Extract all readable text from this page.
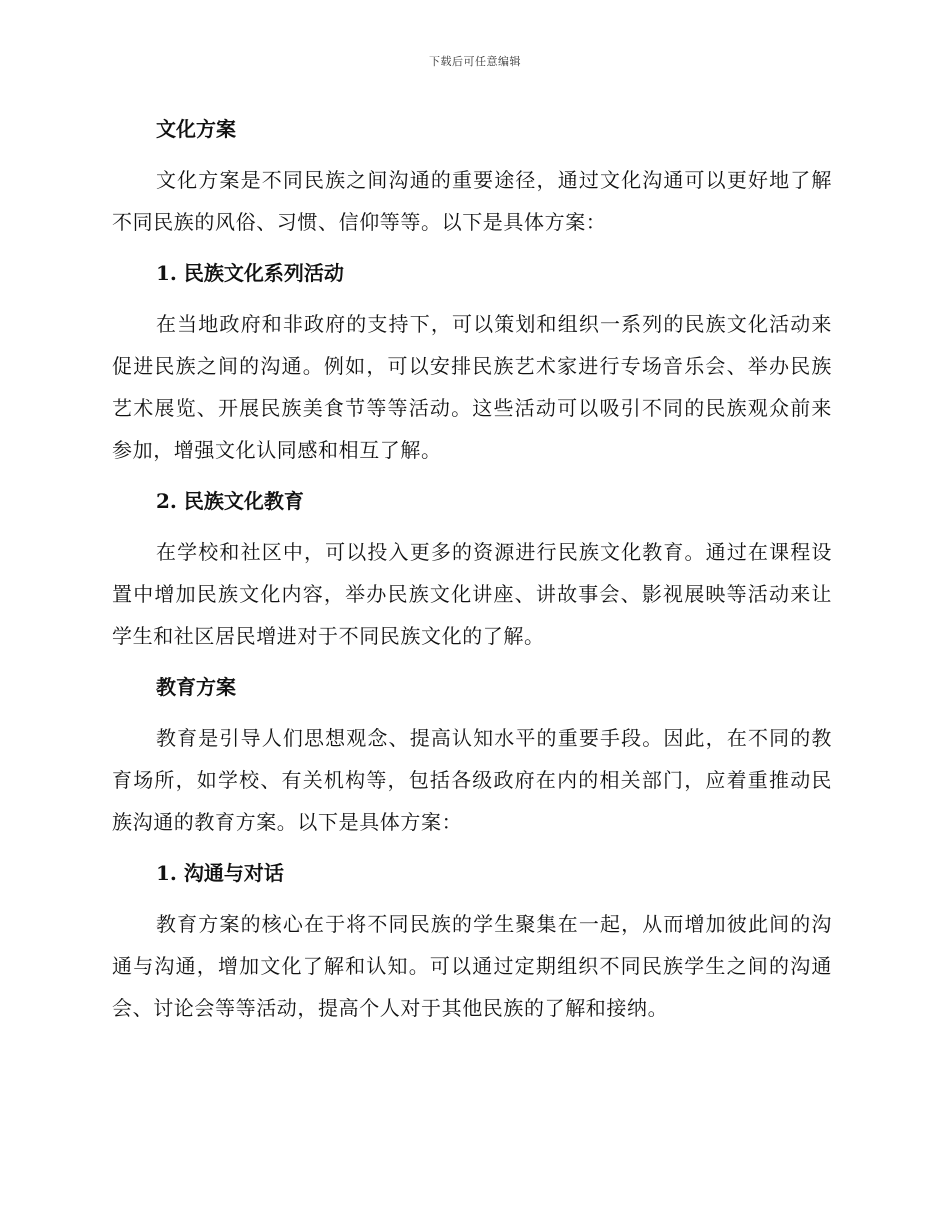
下载后可任意编辑
文化方案
文化方案是不同民族之间沟通的重要途径，通过文化沟通可以更好地了解不同民族的风俗、习惯、信仰等等。以下是具体方案：
1. 民族文化系列活动
在当地政府和非政府的支持下，可以策划和组织一系列的民族文化活动来促进民族之间的沟通。例如，可以安排民族艺术家进行专场音乐会、举办民族艺术展览、开展民族美食节等等活动。这些活动可以吸引不同的民族观众前来参加，增强文化认同感和相互了解。
2. 民族文化教育
在学校和社区中，可以投入更多的资源进行民族文化教育。通过在课程设置中增加民族文化内容，举办民族文化讲座、讲故事会、影视展映等活动来让学生和社区居民增进对于不同民族文化的了解。
教育方案
教育是引导人们思想观念、提高认知水平的重要手段。因此，在不同的教育场所，如学校、有关机构等，包括各级政府在内的相关部门，应着重推动民族沟通的教育方案。以下是具体方案：
1. 沟通与对话
教育方案的核心在于将不同民族的学生聚集在一起，从而增加彼此间的沟通与沟通，增加文化了解和认知。可以通过定期组织不同民族学生之间的沟通会、讨论会等等活动，提高个人对于其他民族的了解和接纳。
